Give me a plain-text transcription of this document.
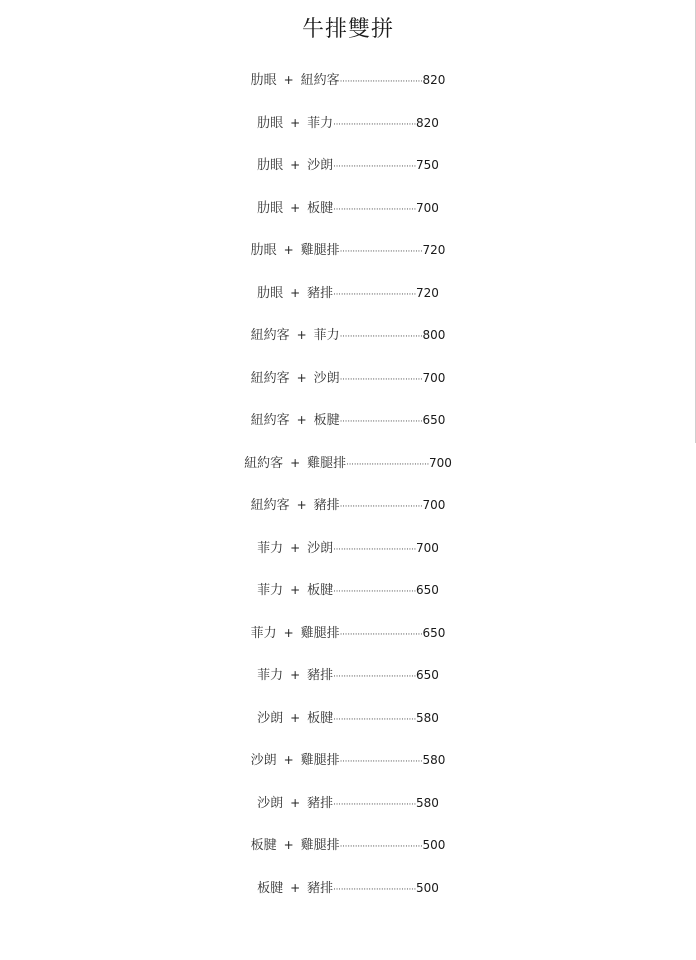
牛排雙拼
肋眼 + 紐約客·································820
肋眼 + 菲力·································820
肋眼 + 沙朗·································750
肋眼 + 板腱·································700
肋眼 + 雞腿排·································720
肋眼 + 豬排·································720
紐約客 + 菲力·································800
紐約客 + 沙朗·································700
紐約客 + 板腱·································650
紐約客 + 雞腿排·································700
紐約客 + 豬排·································700
菲力 + 沙朗·································700
菲力 + 板腱·································650
菲力 + 雞腿排·································650
菲力 + 豬排·································650
沙朗 + 板腱·································580
沙朗 + 雞腿排·································580
沙朗 + 豬排·································580
板腱 + 雞腿排·································500
板腱 + 豬排·································500
